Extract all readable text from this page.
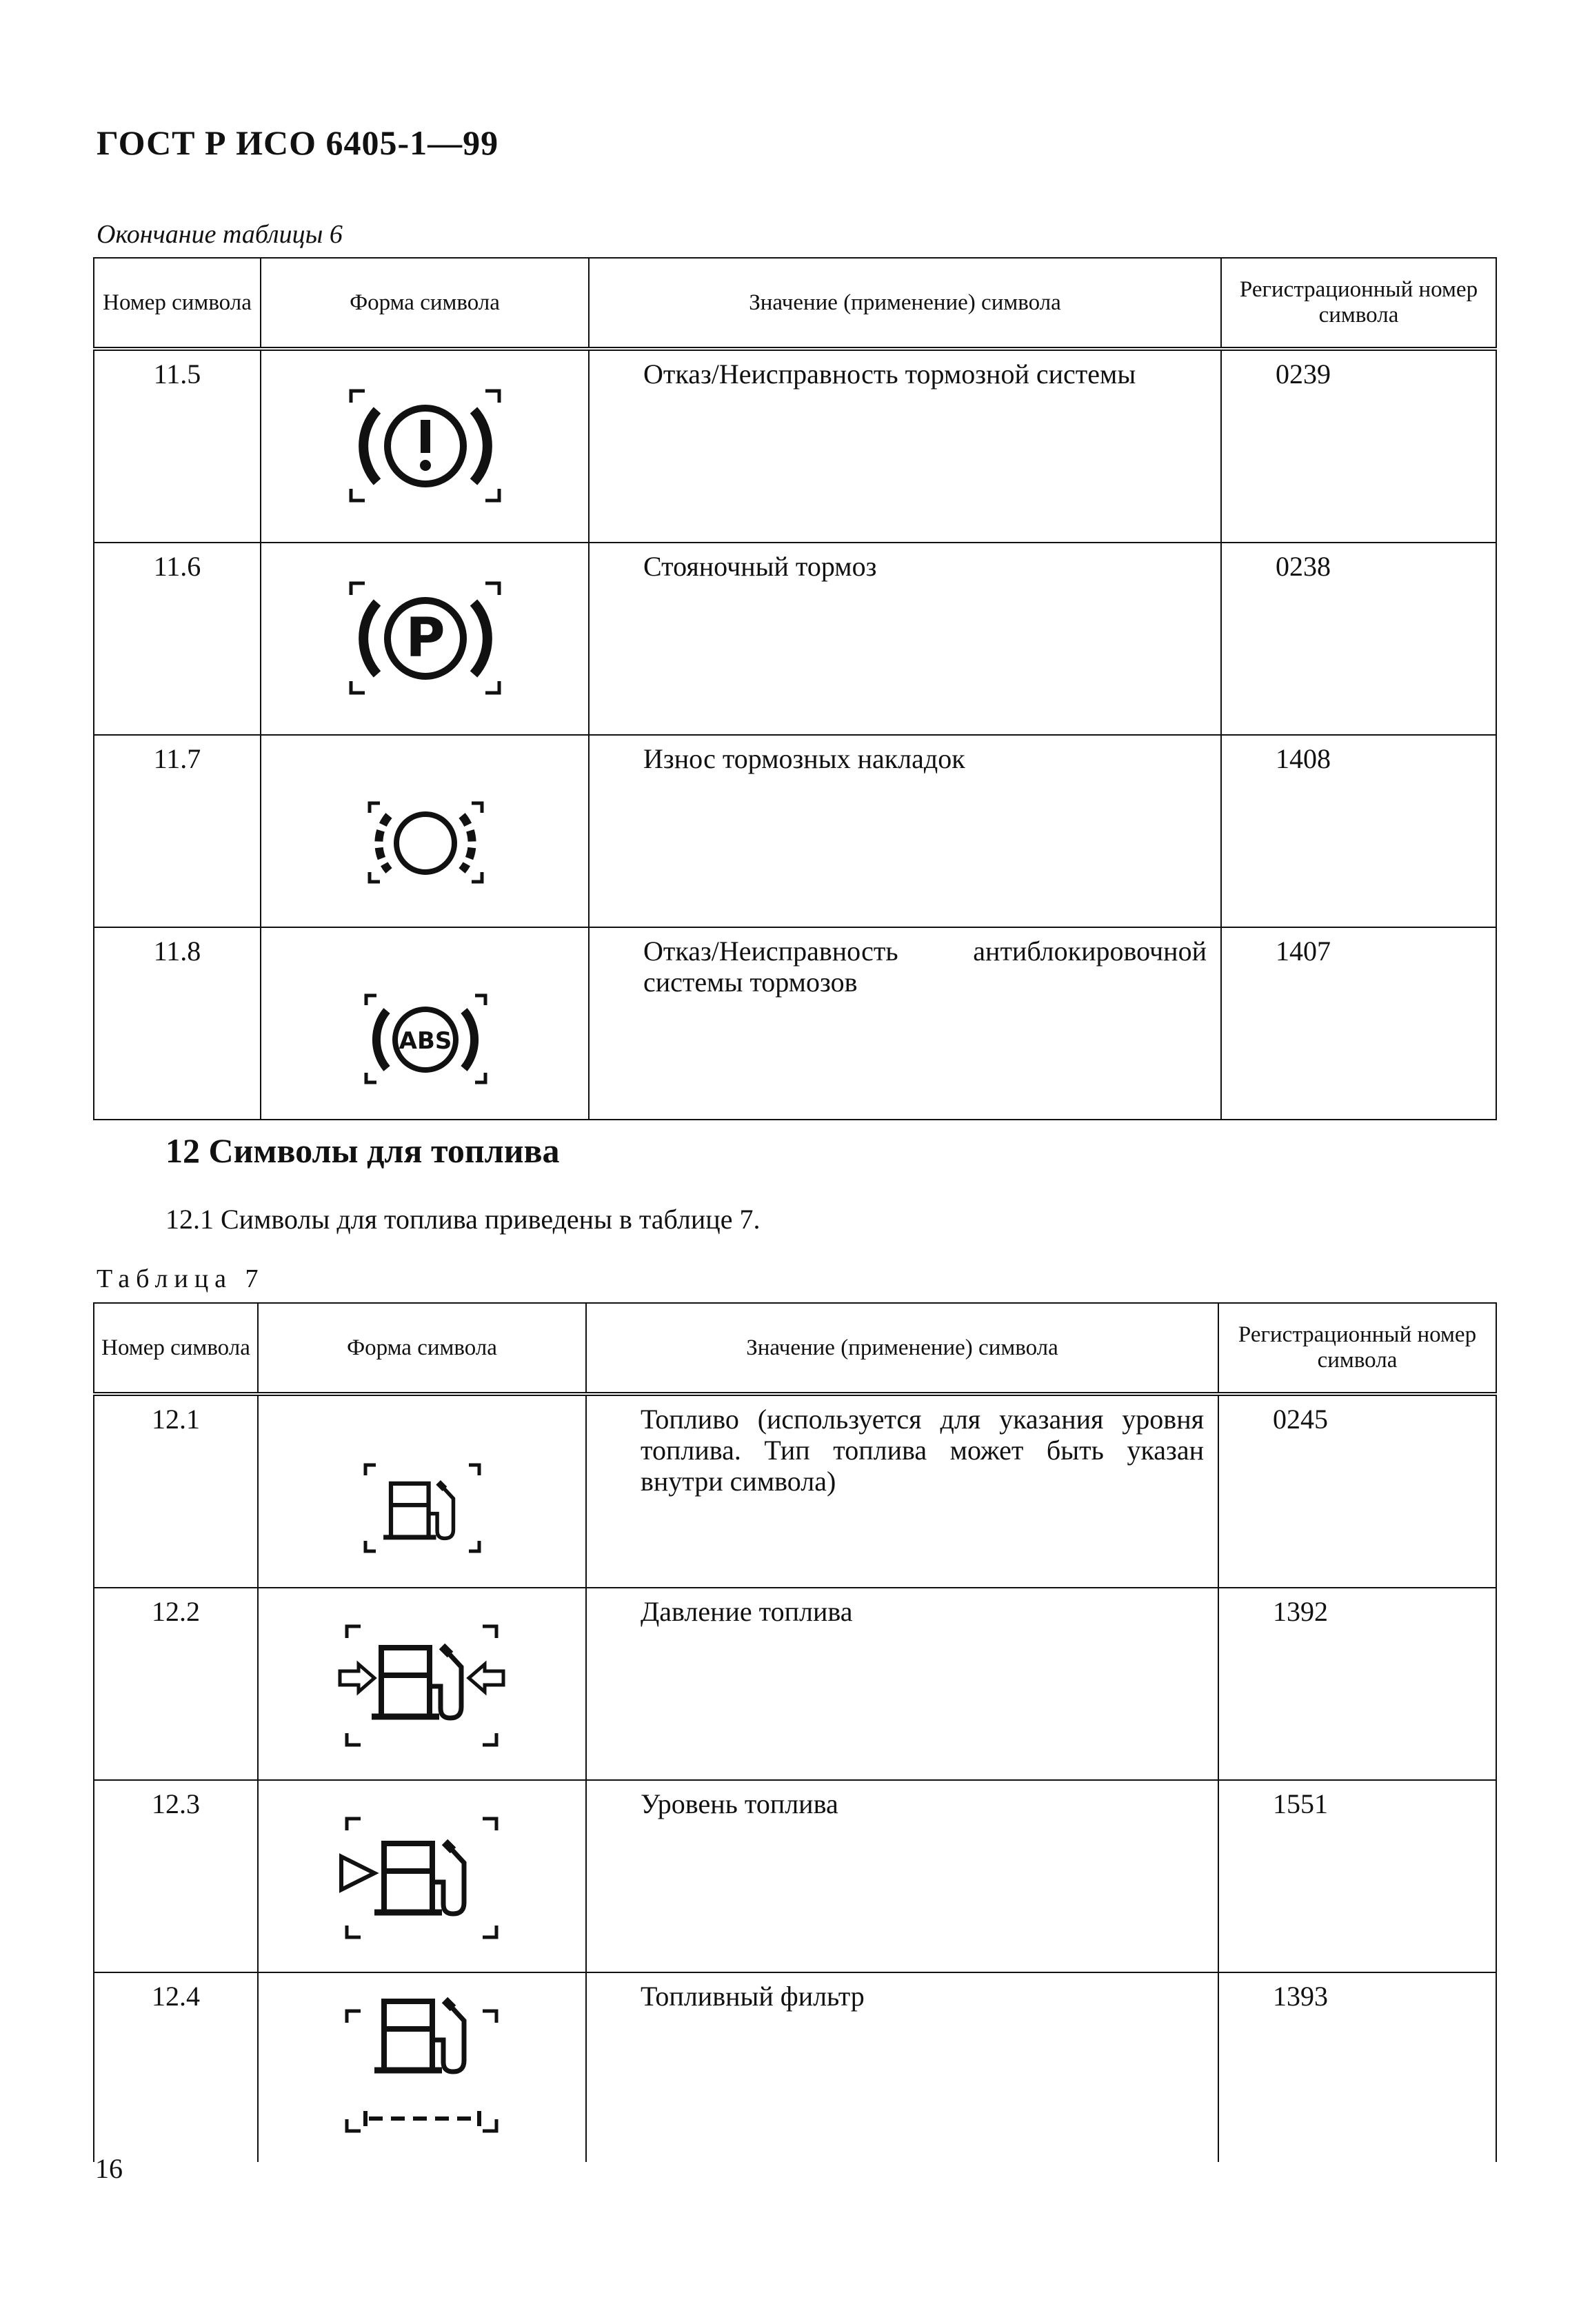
ГОСТ Р ИСО 6405-1—99
Окончание таблицы 6
Номер символа	Форма символа	Значение (применение) символа	Регистрационный номер символа
11.5		Отказ/Неисправность тормозной системы	0239
11.6	P	Стояночный тормоз	0238
11.7		Износ тормозных накладок	1408
11.8	ABS	Отказ/Неисправность антиблокировочной системы тормозов	1407
12 Символы для топлива
12.1 Символы для топлива приведены в таблице 7.
Таблица 7
Номер символа	Форма символа	Значение (применение) символа	Регистрационный номер символа
12.1		Топливо (используется для указания уровня топлива. Тип топлива может быть указан внутри символа)	0245
12.2		Давление топлива	1392
12.3		Уровень топлива	1551
12.4		Топливный фильтр	1393
16
